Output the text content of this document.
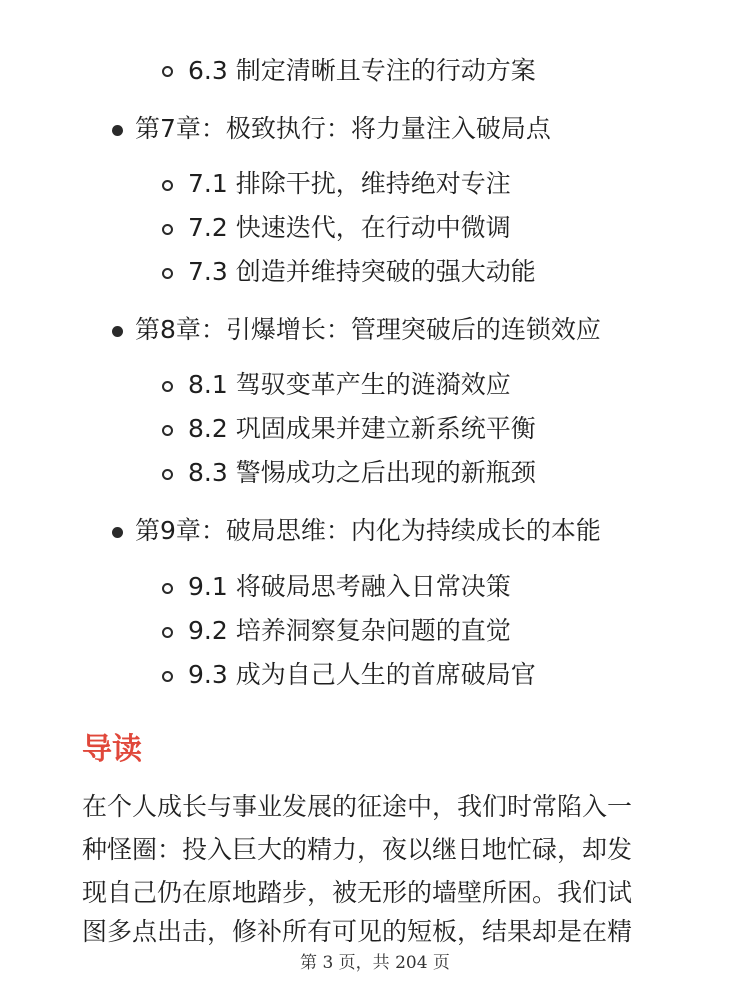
6.3 制定清晰且专注的行动方案
第7章：极致执行：将力量注入破局点
7.1 排除干扰，维持绝对专注
7.2 快速迭代，在行动中微调
7.3 创造并维持突破的强大动能
第8章：引爆增长：管理突破后的连锁效应
8.1 驾驭变革产生的涟漪效应
8.2 巩固成果并建立新系统平衡
8.3 警惕成功之后出现的新瓶颈
第9章：破局思维：内化为持续成长的本能
9.1 将破局思考融入日常决策
9.2 培养洞察复杂问题的直觉
9.3 成为自己人生的首席破局官
导读
在个人成长与事业发展的征途中，我们时常陷入一
种怪圈：投入巨大的精力，夜以继日地忙碌，却发
现自己仍在原地踏步，被无形的墙壁所困。我们试
图多点出击，修补所有可见的短板，结果却是在精
第 3 页，共 204 页
